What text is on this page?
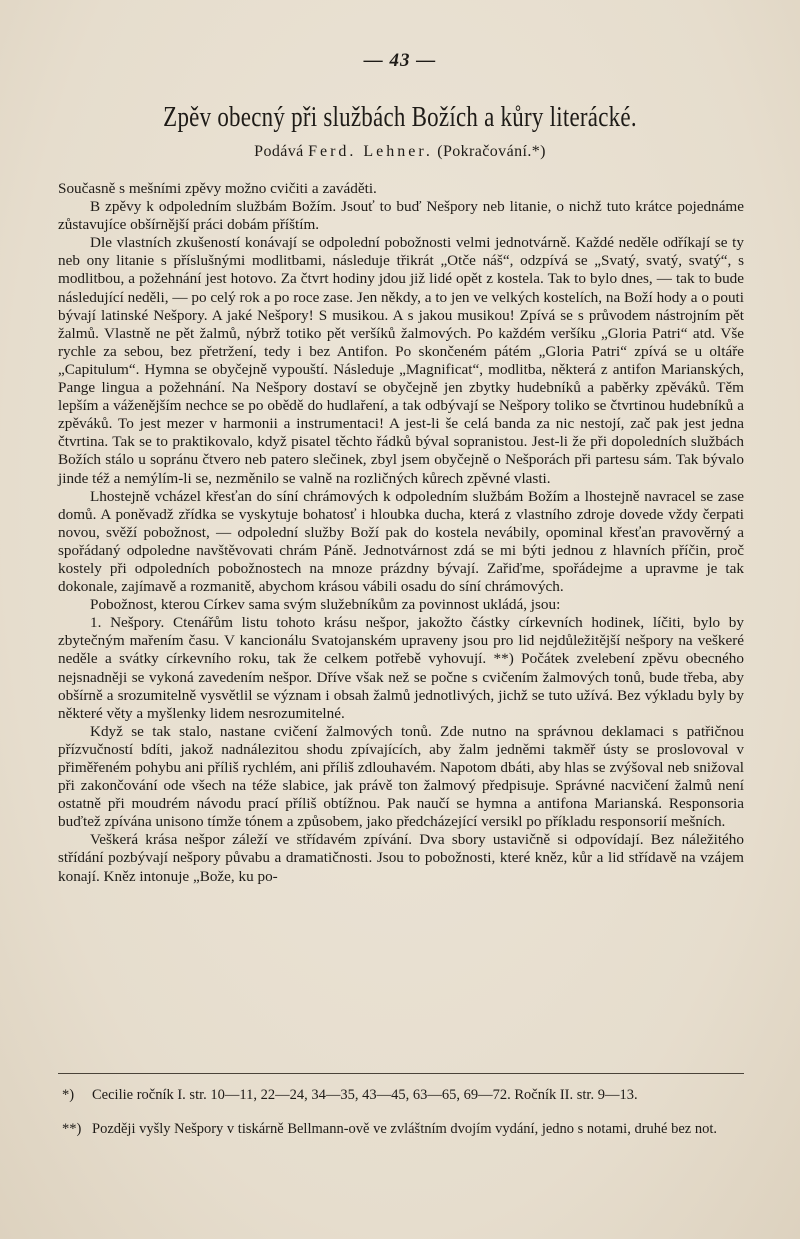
— 43 —
Zpěv obecný při službách Božích a kůry literácké.
Podává Ferd. Lehner. (Pokračování.*)

Současně s mešními zpěvy možno cvičiti a zaváděti.

B zpěvy k odpoledním službám Božím. Jsouť to buď Nešpory neb litanie, o nichž tuto krátce pojednáme zůstavujíce obšírnější práci dobám příštím.

Dle vlastních zkušeností konávají se odpolední pobožnosti velmi jednotvárně. Každé neděle odříkají se ty neb ony litanie s příslušnými modlitbami, následuje třikrát „Otče náš“, odzpívá se „Svatý, svatý, svatý“, s modlitbou, a požehnání jest hotovo. Za čtvrt hodiny jdou již lidé opět z kostela. Tak to bylo dnes, — tak to bude následující neděli, — po celý rok a po roce zase. Jen někdy, a to jen ve velkých kostelích, na Boží hody a o pouti bývají latinské Nešpory. A jaké Nešpory! S musikou. A s jakou musikou! Zpívá se s průvodem nástrojním pět žalmů. Vlastně ne pět žalmů, nýbrž totiko pět veršíků žalmových. Po každém veršíku „Gloria Patri“ atd. Vše rychle za sebou, bez přetržení, tedy i bez Antifon. Po skončeném pátém „Gloria Patri“ zpívá se u oltáře „Capitulum“. Hymna se obyčejně vypouští. Následuje „Magnificat“, modlitba, některá z antifon Marianských, Pange lingua a požehnání. Na Nešpory dostaví se obyčejně jen zbytky hudebníků a paběrky zpěváků. Těm lepším a váženějším nechce se po obědě do hudlaření, a tak odbývají se Nešpory toliko se čtvrtinou hudebníků a zpěváků. To jest mezer v harmonii a instrumentaci! A jest-li še celá banda za nic nestojí, zač pak jest jedna čtvrtina. Tak se to praktikovalo, když pisatel těchto řádků býval sopranistou. Jest-li že při dopoledních službách Božích stálo u sopránu čtvero neb patero slečinek, zbyl jsem obyčejně o Nešporách při partesu sám. Tak bývalo jinde též a nemýlím-li se, nezměnilo se valně na rozličných kůrech zpěvné vlasti.

Lhostejně vcházel křesťan do síní chrámových k odpoledním službám Božím a lhostejně navracel se zase domů. A poněvadž zřídka se vyskytuje bohatosť i hloubka ducha, která z vlastního zdroje dovede vždy čerpati novou, svěží pobožnost, — odpolední služby Boží pak do kostela nevábily, opominal křesťan pravověrný a spořádaný odpoledne navštěvovati chrám Páně. Jednotvárnost zdá se mi býti jednou z hlavních příčin, proč kostely při odpoledních pobožnostech na mnoze prázdny bývají. Zařiďme, spořádejme a upravme je tak dokonale, zajímavě a rozmanitě, abychom krásou vábili osadu do síní chrámových.

Pobožnost, kterou Církev sama svým služebníkům za povinnost ukládá, jsou:

1. Nešpory. Ctenářům listu tohoto krásu nešpor, jakožto částky církevních hodinek, líčiti, bylo by zbytečným mařením času. V kancionálu Svatojanském upraveny jsou pro lid nejdůležitější nešpory na veškeré neděle a svátky církevního roku, tak že celkem potřebě vyhovují. **) Počátek zvelebení zpěvu obecného nejsnadněji se vykoná zavedením nešpor. Dříve však než se počne s cvičením žalmových tonů, bude třeba, aby obšírně a srozumitelně vysvětlil se význam i obsah žalmů jednotlivých, jichž se tuto užívá. Bez výkladu byly by některé věty a myšlenky lidem nesrozumitelné.

Když se tak stalo, nastane cvičení žalmových tonů. Zde nutno na správnou deklamaci s patřičnou přízvučností bdíti, jakož nadnálezitou shodu zpívajících, aby žalm jedněmi takměř ústy se proslovoval v přiměřeném pohybu ani příliš rychlém, ani příliš zdlouhavém. Napotom dbáti, aby hlas se zvýšoval neb snižoval při zakončování ode všech na téže slabice, jak právě ton žalmový předpisuje. Správné nacvičení žalmů není ostatně při moudrém návodu prací příliš obtížnou. Pak naučí se hymna a antifona Marianská. Responsoria buďtež zpívána unisono tímže tónem a způsobem, jako předcházející versikl po příkladu responsorií mešních.

Veškerá krása nešpor záleží ve střídavém zpívání. Dva sbory ustavičně si odpovídají. Bez náležitého střídání pozbývají nešpory půvabu a dramatičnosti. Jsou to pobožnosti, které kněz, kůr a lid střídavě na vzájem konají. Kněz intonuje „Bože, ku po-

*) Cecilie ročník I. str. 10—11, 22—24, 34—35, 43—45, 63—65, 69—72. Ročník II. str. 9—13.
**) Později vyšly Nešpory v tiskárně Bellmann-ově ve zvláštním dvojím vydání, jedno s notami, druhé bez not.
